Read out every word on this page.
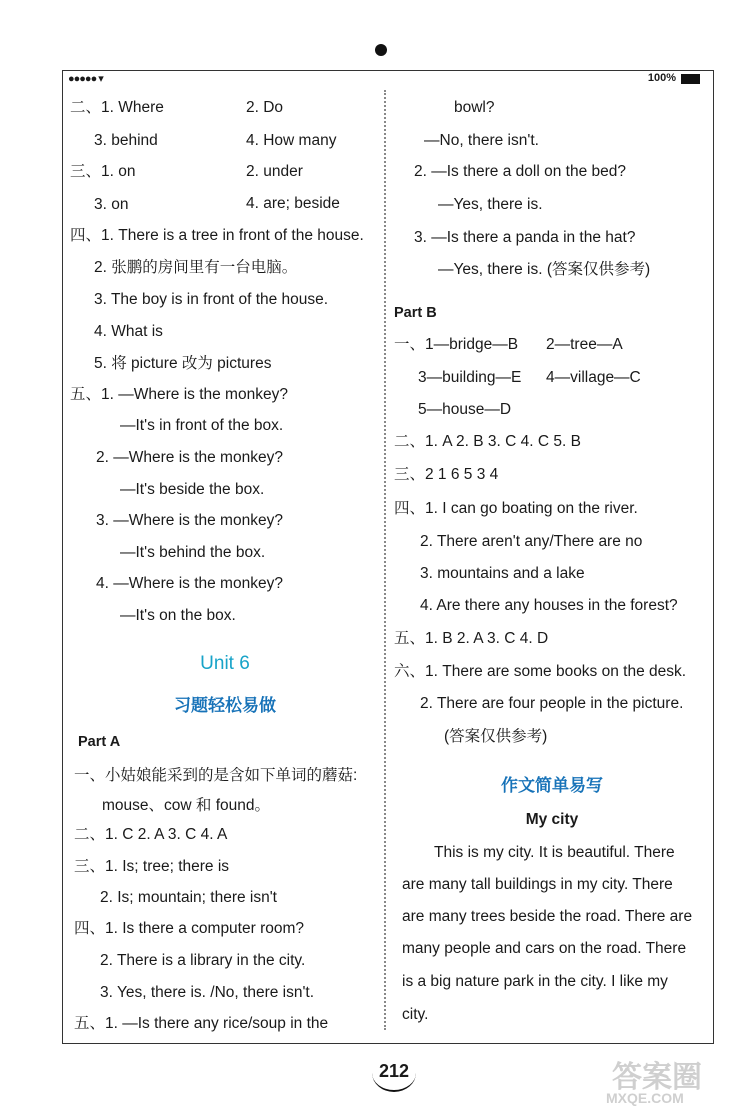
●●●●● ▾	100%
二、1. Where	2. Do
3. behind	4. How many
三、1. on	2. under
3. on	4. are; beside
四、1. There is a tree in front of the house.
2. 张鹏的房间里有一台电脑。
3. The boy is in front of the house.
4. What is
5. 将 picture 改为 pictures
五、1. —Where is the monkey?
—It's in front of the box.
2. —Where is the monkey?
—It's beside the box.
3. —Where is the monkey?
—It's behind the box.
4. —Where is the monkey?
—It's on the box.
Unit 6
习题轻松易做
Part A
一、小姑娘能采到的是含如下单词的蘑菇:
mouse、cow 和 found。
二、1. C 2. A 3. C 4. A
三、1. Is; tree; there is
2. Is; mountain; there isn't
四、1. Is there a computer room?
2. There is a library in the city.
3. Yes, there is. /No, there isn't.
五、1. —Is there any rice/soup in the
bowl?
—No, there isn't.
2. —Is there a doll on the bed?
—Yes, there is.
3. —Is there a panda in the hat?
—Yes, there is. (答案仅供参考)
Part B
一、1—bridge—B 2—tree—A
3—building—E 4—village—C
5—house—D
二、1. A 2. B 3. C 4. C 5. B
三、2 1 6 5 3 4
四、1. I can go boating on the river.
2. There aren't any/There are no
3. mountains and a lake
4. Are there any houses in the forest?
五、1. B 2. A 3. C 4. D
六、1. There are some books on the desk.
2. There are four people in the picture.
(答案仅供参考)
作文简单易写
My city
This is my city. It is beautiful. There
are many tall buildings in my city. There
are many trees beside the road. There are
many people and cars on the road. There
is a big nature park in the city. I like my
city.
212	答案圈
MXQE.COM
